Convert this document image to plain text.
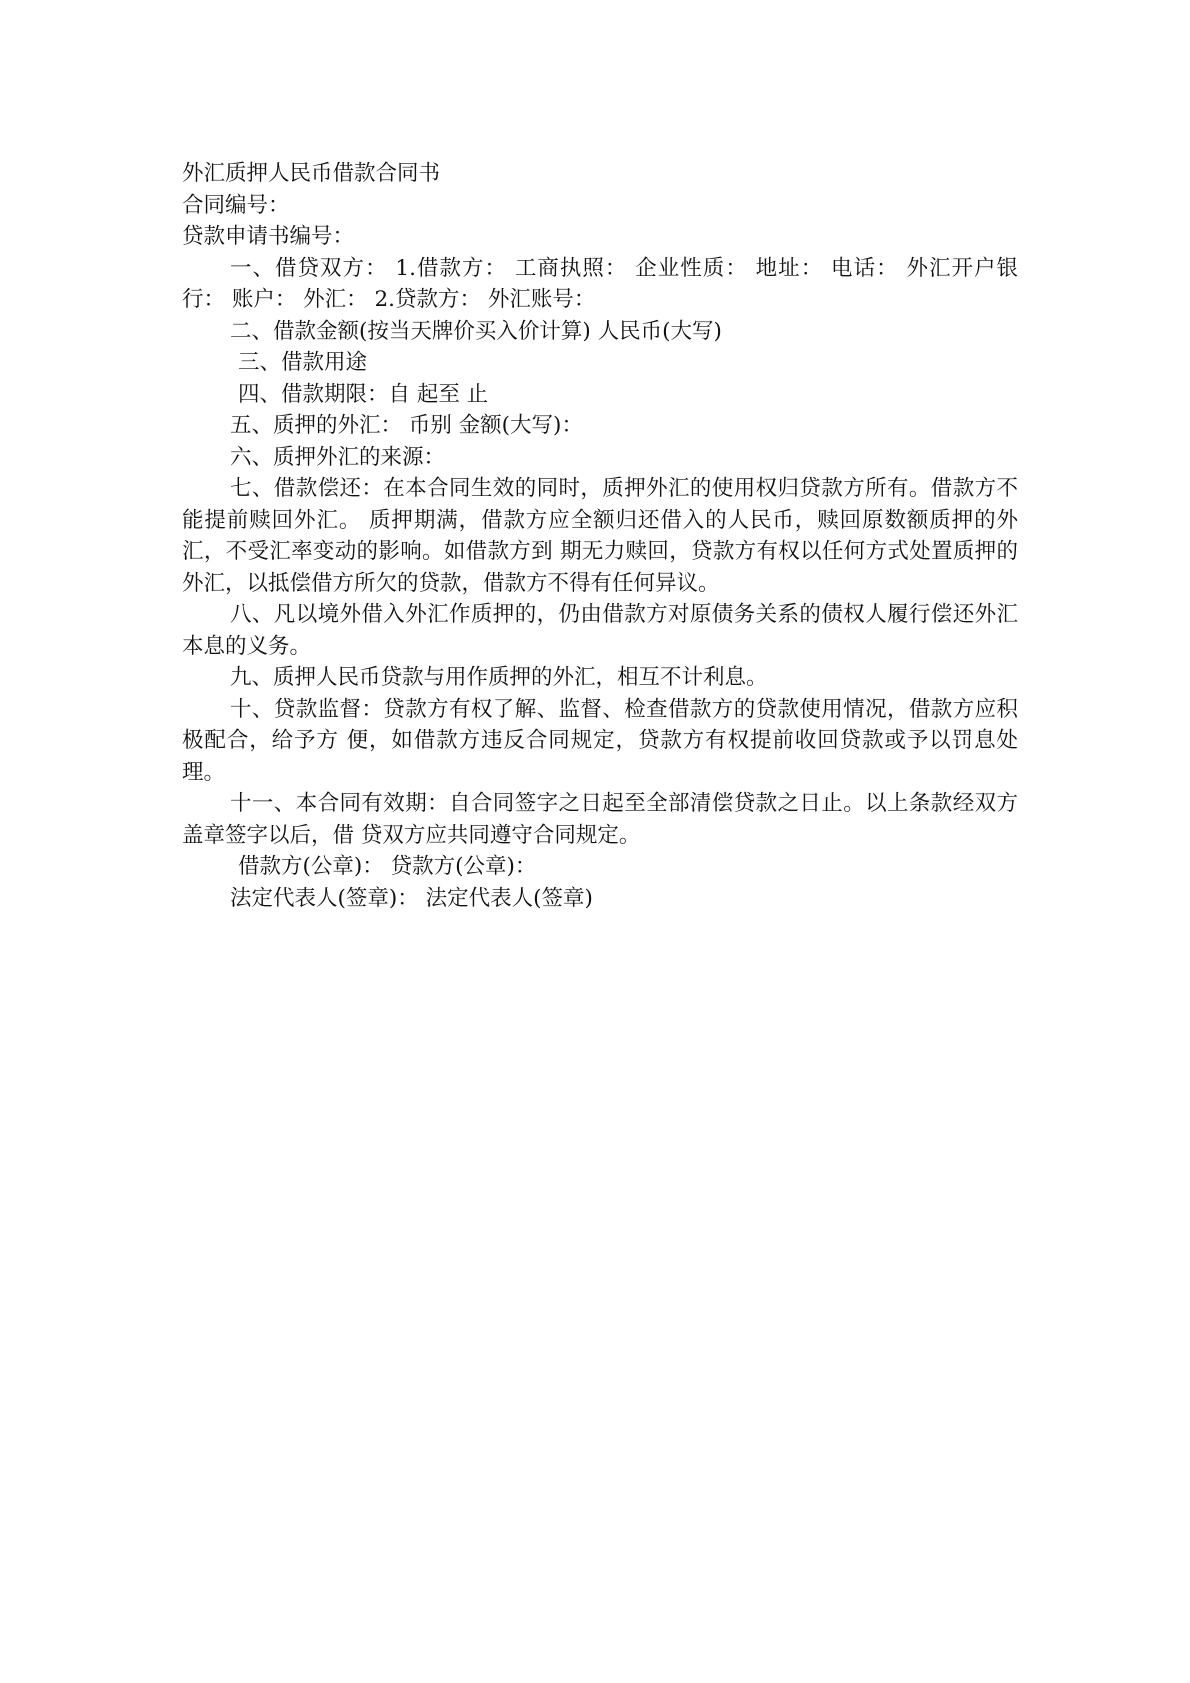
外汇质押人民币借款合同书

合同编号：

贷款申请书编号：

一、借贷双方： 1.借款方： 工商执照： 企业性质： 地址： 电话： 外汇开户银行： 账户： 外汇： 2.贷款方： 外汇账号：

二、借款金额(按当天牌价买入价计算) 人民币(大写)

三、借款用途

四、借款期限：自 起至 止

五、质押的外汇： 币别 金额(大写)：

六、质押外汇的来源：

七、借款偿还：在本合同生效的同时，质押外汇的使用权归贷款方所有。借款方不能提前赎回外汇。 质押期满，借款方应全额归还借入的人民币，赎回原数额质押的外汇，不受汇率变动的影响。如借款方到 期无力赎回，贷款方有权以任何方式处置质押的外汇，以抵偿借方所欠的贷款，借款方不得有任何异议。

八、凡以境外借入外汇作质押的，仍由借款方对原债务关系的债权人履行偿还外汇本息的义务。

九、质押人民币贷款与用作质押的外汇，相互不计利息。

十、贷款监督：贷款方有权了解、监督、检查借款方的贷款使用情况，借款方应积极配合，给予方 便，如借款方违反合同规定，贷款方有权提前收回贷款或予以罚息处理。

十一、本合同有效期：自合同签字之日起至全部清偿贷款之日止。以上条款经双方盖章签字以后，借 贷双方应共同遵守合同规定。

借款方(公章)： 贷款方(公章)：

法定代表人(签章)： 法定代表人(签章)
